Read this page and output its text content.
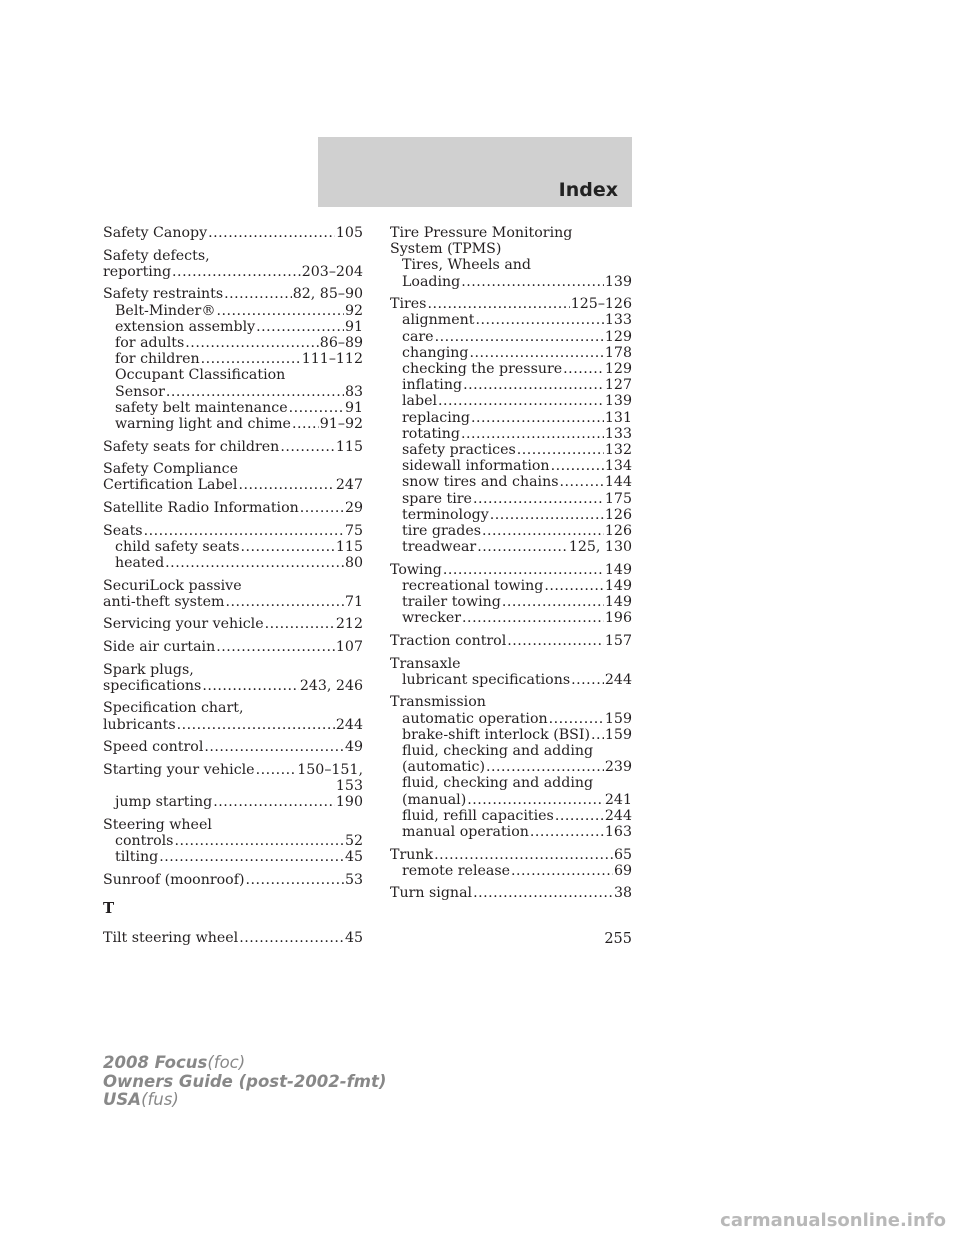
Index
Safety Canopy .....	105
Safety defects,
reporting .....	203–204
Safety restraints .....	82, 85–90
Belt-Minder® .....	92
extension assembly .....	91
for adults .....	86–89
for children .....	111–112
Occupant Classification
Sensor .....	83
safety belt maintenance .....	91
warning light and chime ..... 91–92
Safety seats for children .....	115
Safety Compliance
Certification Label .....	247
Satellite Radio Information .....	29
Seats .....	75
child safety seats .....	115
heated .....	80
SecuriLock passive
anti-theft system .....	71
Servicing your vehicle .....	212
Side air curtain .....	107
Spark plugs,
specifications .....	243, 246
Specification chart,
lubricants .....	244
Speed control .....	49
Starting your vehicle .....	150–151,
153
jump starting .....	190
Steering wheel
controls .....	52
tilting .....	45
Sunroof (moonroof) .....	53
T
Tilt steering wheel .....	45
Tire Pressure Monitoring
System (TPMS)
Tires, Wheels and
Loading .....	139
Tires .....	125–126
alignment .....	133
care .....	129
changing .....	178
checking the pressure .....	129
inflating .....	127
label .....	139
replacing .....	131
rotating .....	133
safety practices .....	132
sidewall information .....	134
snow tires and chains .....	144
spare tire .....	175
terminology .....	126
tire grades .....	126
treadwear .....	125, 130
Towing .....	149
recreational towing .....	149
trailer towing .....	149
wrecker .....	196
Traction control .....	157
Transaxle
lubricant specifications ..... 244
Transmission
automatic operation .....	159
brake-shift interlock (BSI) ..... 159
fluid, checking and adding
(automatic) .....	239
fluid, checking and adding
(manual) .....	241
fluid, refill capacities .....	244
manual operation .....	163
Trunk .....	65
remote release .....	69
Turn signal .....	38
255
2008 Focus(foc)
Owners Guide (post-2002-fmt)
USA(fus)
carmanualsonline.info
